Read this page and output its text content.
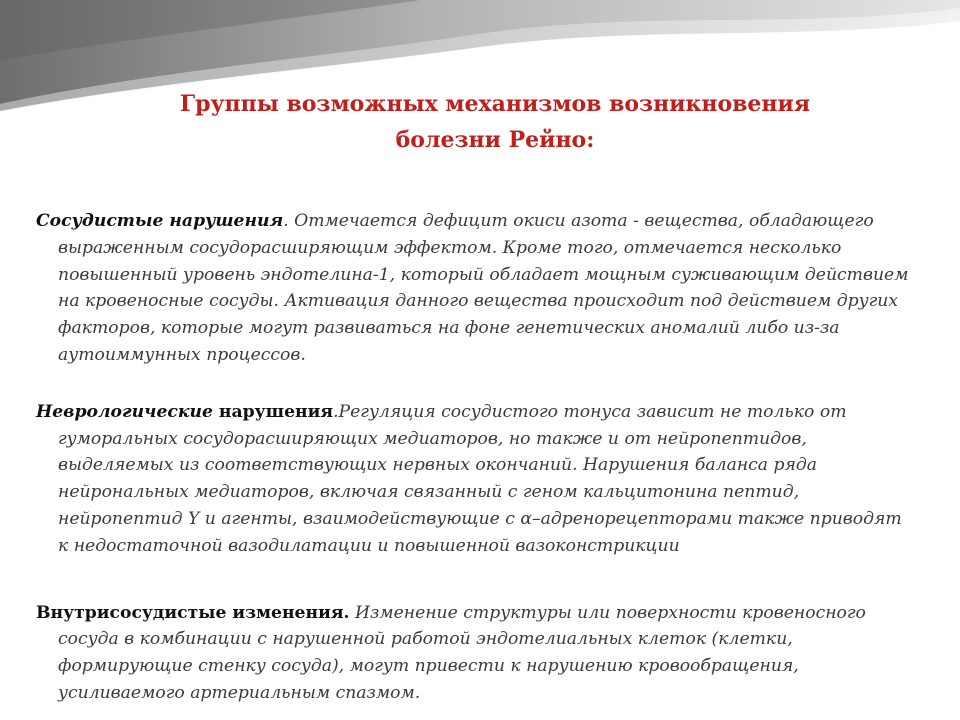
Группы возможных механизмов возникновения
болезни Рейно:

Сосудистые нарушения. Отмечается дефицит окиси азота - вещества, обладающего выраженным сосудорасширяющим эффектом. Кроме того, отмечается несколько повышенный уровень эндотелина-1, который обладает мощным суживающим действием на кровеносные сосуды. Активация данного вещества происходит под действием других факторов, которые могут развиваться на фоне генетических аномалий либо из-за аутоиммунных процессов.

Неврологические нарушения.Регуляция сосудистого тонуса зависит не только от гуморальных сосудорасширяющих медиаторов, но также и от нейропептидов, выделяемых из соответствующих нервных окончаний. Нарушения баланса ряда нейрональных медиаторов, включая связанный с геном кальцитонина пептид, нейропептид Y и агенты, взаимодействующие с α–адренорецепторами также приводят к недостаточной вазодилатации и повышенной вазоконстрикции

Внутрисосудистые изменения. Изменение структуры или поверхности кровеносного сосуда в комбинации с нарушенной работой эндотелиальных клеток (клетки, формирующие стенку сосуда), могут привести к нарушению кровообращения, усиливаемого артериальным спазмом.
